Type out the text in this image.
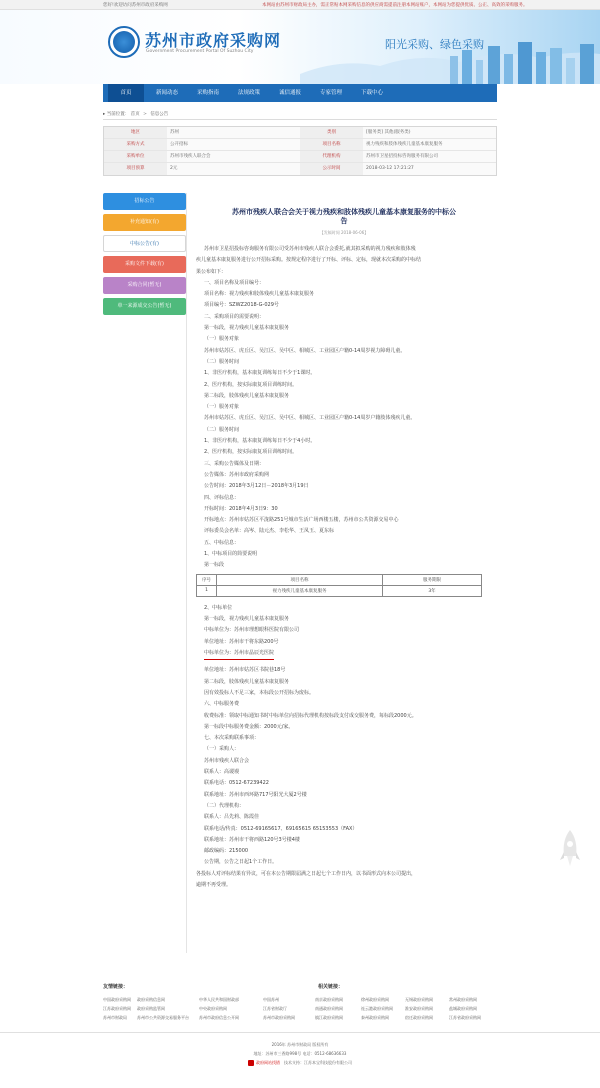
您好!欢迎访问苏州市政府采购网	本网站由苏州市财政局主办，需正常贴本网采购信息的供应商需提前注册本网站账户，本网站为您提供优质、公正、高效的采购服务。
苏州市政府采购网
Government Procurement Portal Of Suzhou City
阳光采购、绿色采购
首页	新闻动态	采购指南	法规政策	诚信通报	专家管理	下载中心
▸ 当前位置： 首页 > 信息公告
地区	苏州	类别	[服务类] 其他(服务类)
采购方式	公开招标	项目名称	视力残疾和肢体残疾儿童基本康复服务
采购单位	苏州市残疾人联合会	代理机构	苏州市卫星招投标咨询服务有限公司
项目预算	2元	公示时间	2018-03-12 17:21:27
招标公告
补充通知(有)
中标公告(有)
采购文件下载(有)
采购合同(暂无)
单一来源成交公告(暂无)
苏州市残疾人联合会关于视力残疾和肢体残疾儿童基本康复服务的中标公
告
【发稿时间 2018-06-06】
苏州市卫星招投标咨询服务有限公司受苏州市残疾人联合会委托,就其拟采购的视力残疾和肢体残
疾儿童基本康复服务进行公开招标采购。按规定程序进行了开标、评标、定标，现就本次采购的中标结
果公布如下：
一、项目名称及项目编号：
项目名称：视力残疾和肢体残疾儿童基本康复服务
项目编号：SZWZ2018-G-029号
二、采购项目的需要说明：
第一标段，视力残疾儿童基本康复服务
（一）服务对象
苏州市姑苏区、虎丘区、吴江区、吴中区、相城区、工业园区户籍0-14周岁视力障碍儿童。
（二）服务时间
1、非医疗机构，基本康复训练每日不少于1课时。
2、医疗机构，按实际康复项目训练时间。
第二标段，肢体残疾儿童基本康复服务
（一）服务对象
苏州市姑苏区、虎丘区、吴江区、吴中区、相城区、工业园区户籍0-14周岁户籍肢体残疾儿童。
（二）服务时间
1、非医疗机构，基本康复训练每日不少于4小时。
2、医疗机构，按实际康复项目训练时间。
三、采购公告媒体及日期：
公告媒体：苏州市政府采购网
公告时间：2018年3月12日－2018年3月19日
四、评标信息：
开标时间：2018年4月3日9：30
开标地点：苏州市姑苏区平泷路251号城市生活广场西楼五楼，苏州市公共资源交易中心
评标委员会名单：高岑、陆元杰、李松华、王凤玉、夏东标
五、中标信息：
1、中标项目的简要说明
第一标段
序号	项目名称	服务期限
1	视力残疾儿童基本康复服务	3年
2、中标单位
第一标段，视力残疾儿童基本康复服务
中标单位为：苏州市理想眼科医院有限公司
单位地址：苏州市干将东路200号
中标单位为：苏州市晶辰光医院
单位地址：苏州市姑苏区书院巷18号
第二标段，肢体残疾儿童基本康复服务
因有效投标人不足三家，本标段公开招标为废标。
六、中标服务费
收费标准：领取中标通知书时中标单位向招标代理机构按标段支付成交服务费，每标段2000元。
第一标段中标服务费金额：2000元/家。
七、本次采购联系事项：
（一）采购人：
苏州市残疾人联合会
联系人：高谡谩
联系电话：0512-67239422
联系地址：苏州市西环路717号阳光大厦2号楼
（二）代理机构：
联系人：吕先莉、陈霞佳
联系电话/传真：0512-69165617、69165615 65153553（FAX）
联系地址：苏州市干将西路120号3号楼4楼
邮政编码：215000
公告期，公告之日起1个工作日。
各投标人对评标结果有异议，可在本公告期限届满之日起七个工作日内，以书面形式向本公司提出，
逾期不再受理。
友情链接：	相关链接：
中国政府采购网
江苏政府采购网
苏州市财政局
政府采购信息网
政府采购监管网
苏州市公共资源交易服务平台
中华人民共和国财政部
中央政府采购网
苏州市政府信息公开网
中国苏州
江苏省财政厅
苏州市政府采购网
南京政府采购网
南通政府采购网
镇江政府采购网
徐州政府采购网
连云港政府采购网
泰州政府采购网
无锡政府采购网
淮安政府采购网
宿迁政府采购网
常州政府采购网
盐城政府采购网
江苏省政府采购网
2016年 苏州市财政局 版权所有
地址：苏州市三香路998号 电话：0512-68636633
政府网站找错 技术支持：江苏本宝科技股份有限公司
